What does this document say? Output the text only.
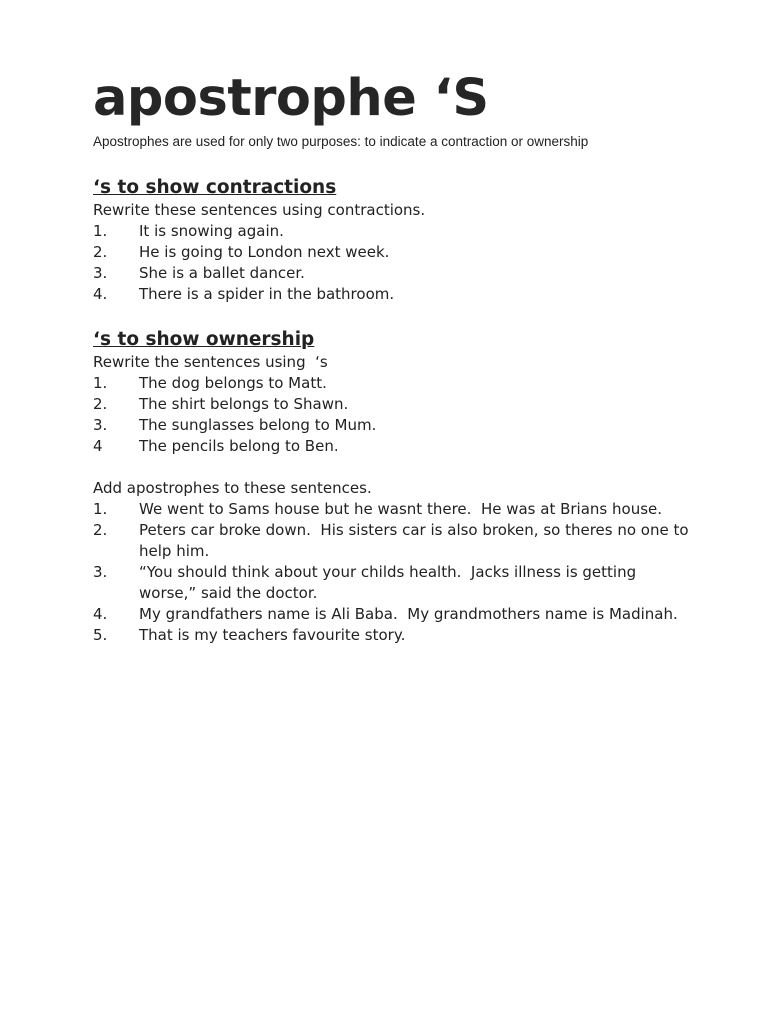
apostrophe ‘S

Apostrophes are used for only two purposes: to indicate a contraction or ownership

‘s to show contractions

Rewrite these sentences using contractions.

1.	It is snowing again.
2.	He is going to London next week.
3.	She is a ballet dancer.
4.	There is a spider in the bathroom.
‘s to show ownership

Rewrite the sentences using  ‘s

1.	The dog belongs to Matt.
2.	The shirt belongs to Shawn.
3.	The sunglasses belong to Mum.
4	The pencils belong to Ben.

Add apostrophes to these sentences.

1.	We went to Sams house but he wasnt there.  He was at Brians house.
2.	Peters car broke down.  His sisters car is also broken, so theres no one to help him.
3.	“You should think about your childs health.  Jacks illness is getting worse,” said the doctor.
4.	My grandfathers name is Ali Baba.  My grandmothers name is Madinah.
5.	That is my teachers favourite story.
